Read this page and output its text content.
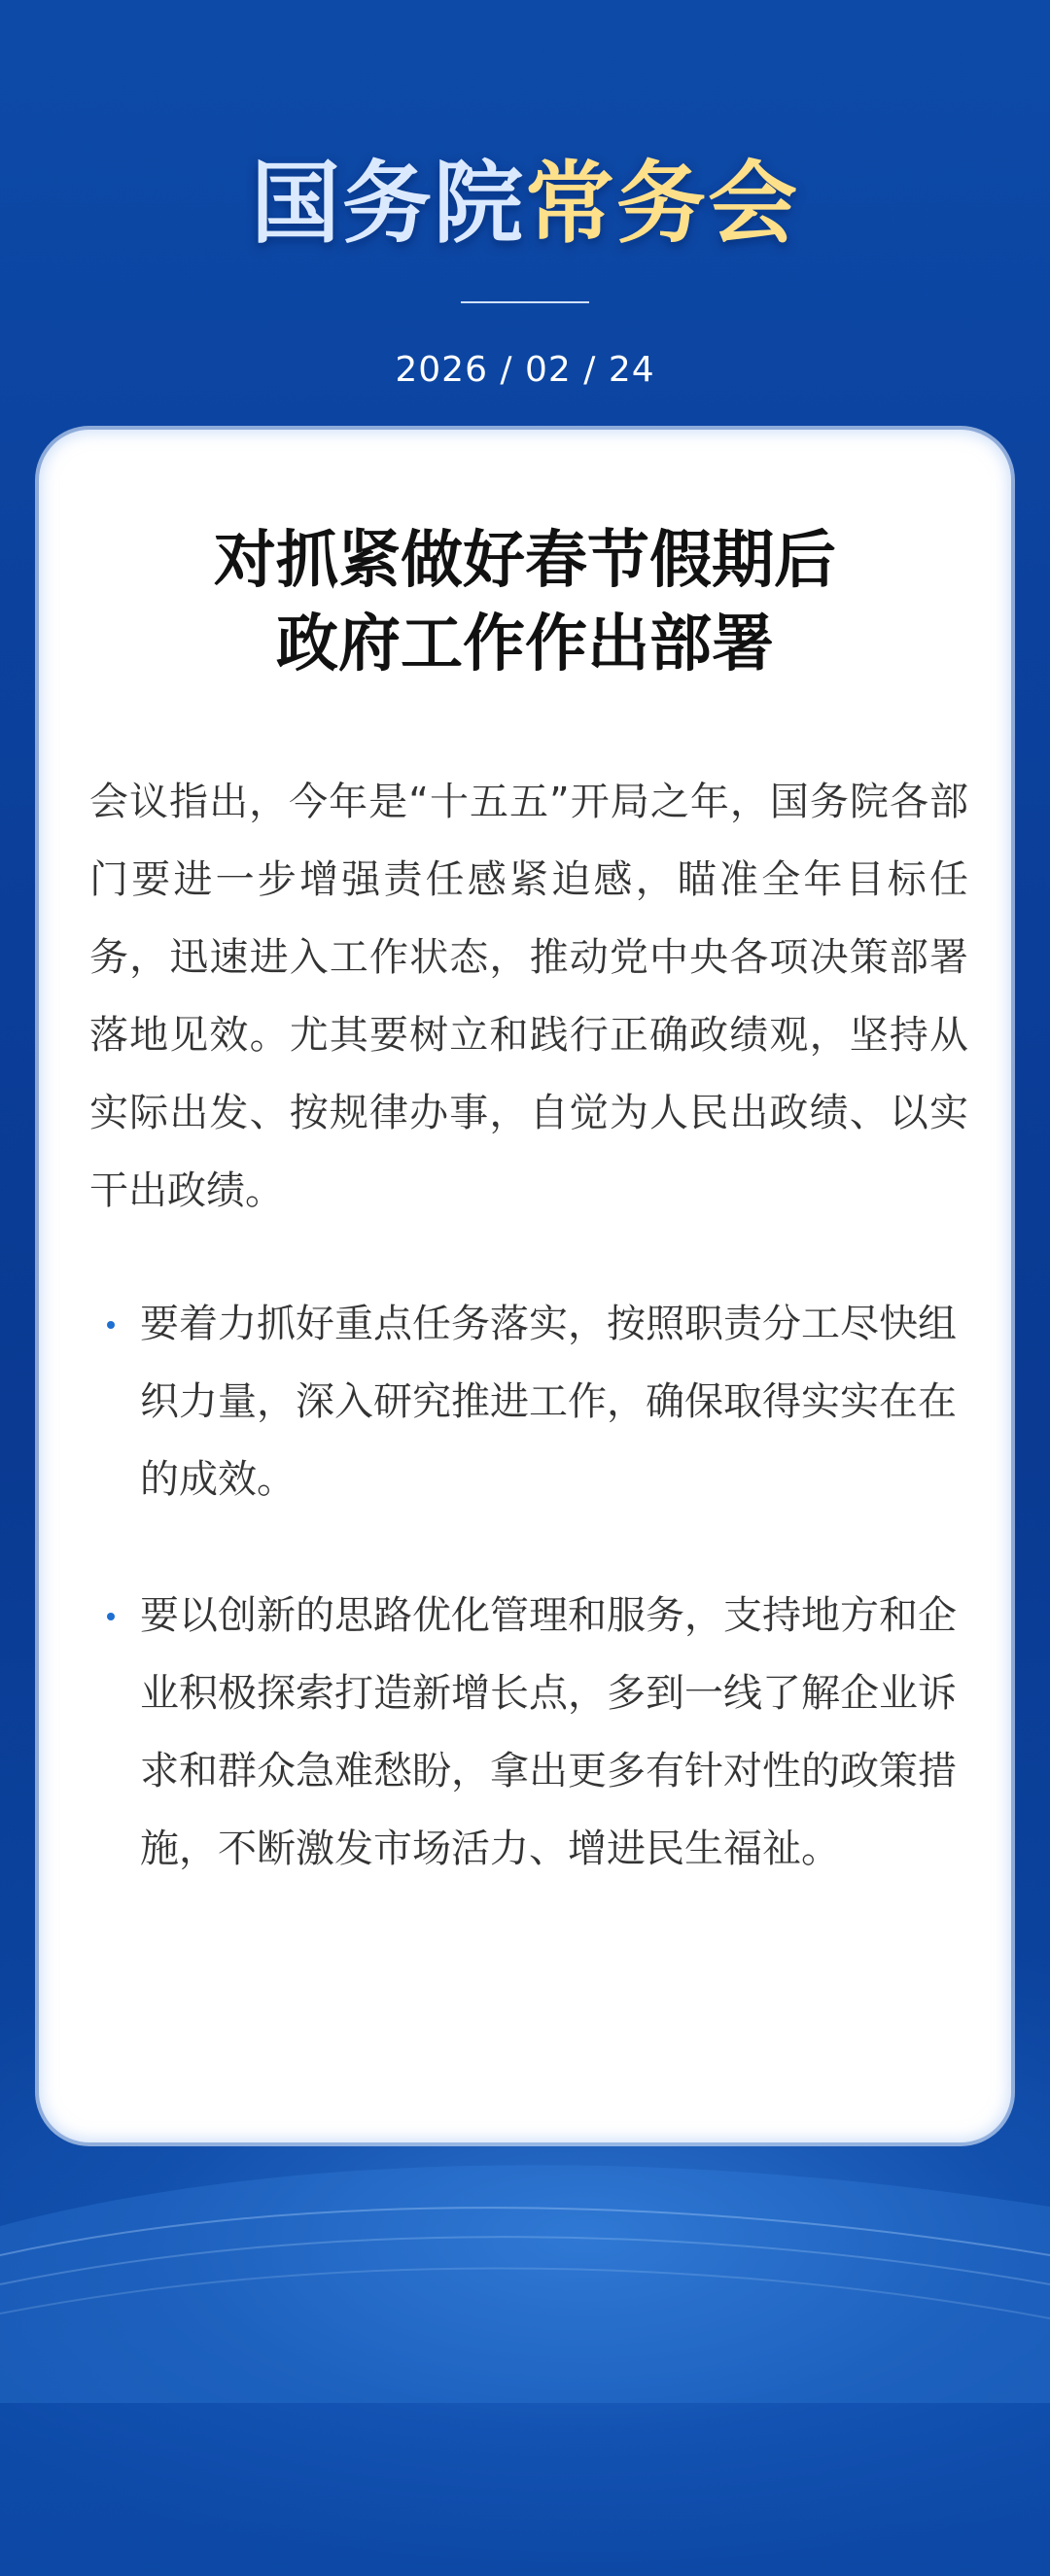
国务院常务会
2026 / 02 / 24
对抓紧做好春节假期后
政府工作作出部署
会议指出，今年是“十五五”开局之年，国务院各部门要进一步增强责任感紧迫感，瞄准全年目标任务，迅速进入工作状态，推动党中央各项决策部署落地见效。尤其要树立和践行正确政绩观，坚持从实际出发、按规律办事，自觉为人民出政绩、以实干出政绩。
要着力抓好重点任务落实，按照职责分工尽快组织力量，深入研究推进工作，确保取得实实在在的成效。
要以创新的思路优化管理和服务，支持地方和企业积极探索打造新增长点，多到一线了解企业诉求和群众急难愁盼，拿出更多有针对性的政策措施，不断激发市场活力、增进民生福祉。
